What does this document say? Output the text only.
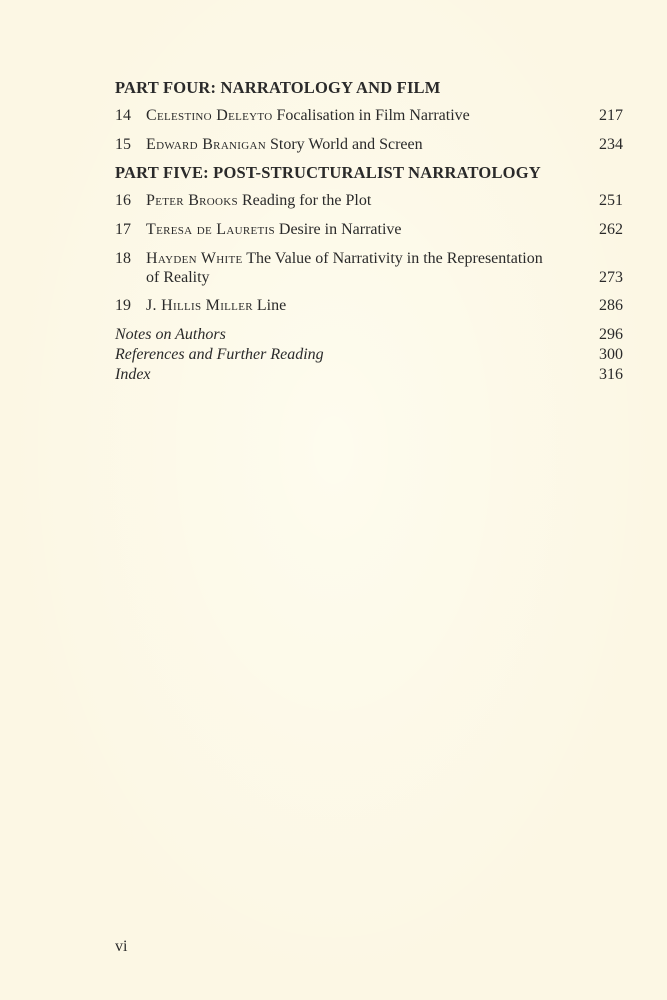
PART FOUR: NARRATOLOGY AND FILM
14 Celestino Deleyto Focalisation in Film Narrative	217
15 Edward Branigan Story World and Screen	234
PART FIVE: POST-STRUCTURALIST NARRATOLOGY
16 Peter Brooks Reading for the Plot	251
17 Teresa de Lauretis Desire in Narrative	262
18 Hayden White The Value of Narrativity in the Representation
of Reality	273
19 J. Hillis Miller Line	286
Notes on Authors	296
References and Further Reading	300
Index	316
vi
